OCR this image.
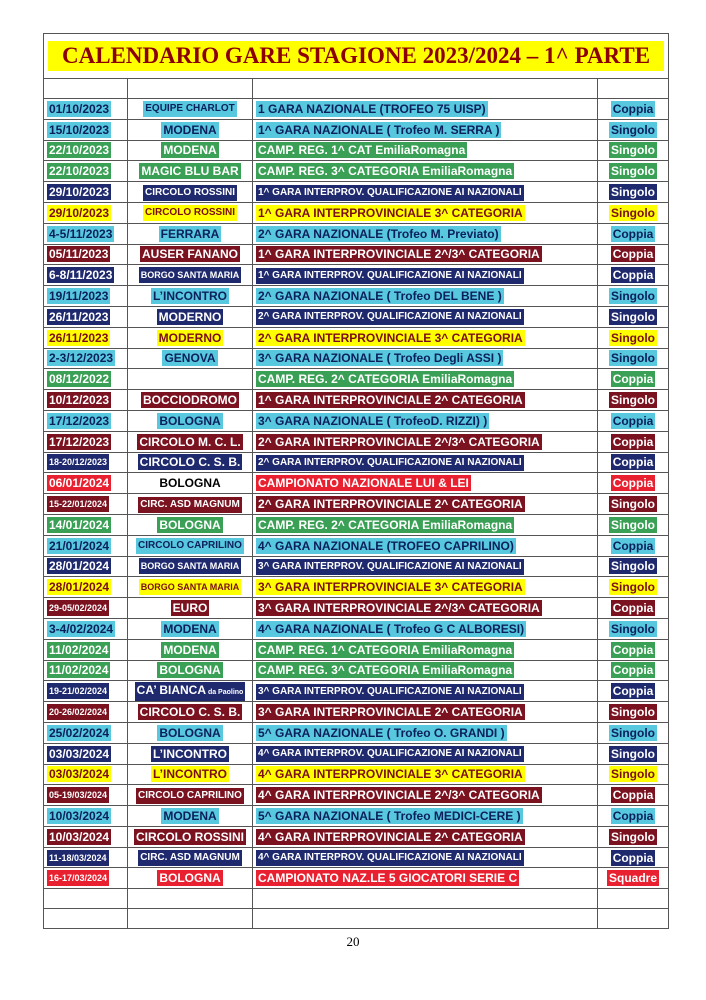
CALENDARIO GARE STAGIONE 2023/2024 – 1^ PARTE			

01/10/2023	EQUIPE CHARLOT	1 GARA NAZIONALE (TROFEO 75 UISP)	Coppia
15/10/2023	MODENA	1^ GARA NAZIONALE ( Trofeo M. SERRA )	Singolo
22/10/2023	MODENA	CAMP. REG. 1^ CAT EmiliaRomagna	Singolo
22/10/2023	MAGIC BLU BAR	CAMP. REG. 3^ CATEGORIA EmiliaRomagna	Singolo
29/10/2023	CIRCOLO ROSSINI	1^ GARA INTERPROV. QUALIFICAZIONE AI NAZIONALI	Singolo
29/10/2023	CIRCOLO ROSSINI	1^ GARA INTERPROVINCIALE 3^ CATEGORIA	Singolo
4-5/11/2023	FERRARA	2^ GARA NAZIONALE (Trofeo M. Previato)	Coppia
05/11/2023	AUSER FANANO	1^ GARA INTERPROVINCIALE 2^/3^ CATEGORIA	Coppia
6-8/11/2023	BORGO SANTA MARIA	1^ GARA INTERPROV. QUALIFICAZIONE AI NAZIONALI	Coppia
19/11/2023	L’INCONTRO	2^ GARA NAZIONALE ( Trofeo DEL BENE )	Singolo
26/11/2023	MODERNO	2^ GARA INTERPROV. QUALIFICAZIONE AI NAZIONALI	Singolo
26/11/2023	MODERNO	2^ GARA INTERPROVINCIALE 3^ CATEGORIA	Singolo
2-3/12/2023	GENOVA	3^ GARA NAZIONALE ( Trofeo Degli ASSI )	Singolo
08/12/2022		CAMP. REG. 2^ CATEGORIA EmiliaRomagna	Coppia
10/12/2023	BOCCIODROMO	1^ GARA INTERPROVINCIALE 2^ CATEGORIA	Singolo
17/12/2023	BOLOGNA	3^ GARA NAZIONALE ( TrofeoD. RIZZI) )	Coppia
17/12/2023	CIRCOLO M. C. L.	2^ GARA INTERPROVINCIALE 2^/3^ CATEGORIA	Coppia
18-20/12/2023	CIRCOLO C. S. B.	2^ GARA INTERPROV. QUALIFICAZIONE AI NAZIONALI	Coppia
06/01/2024	BOLOGNA	CAMPIONATO NAZIONALE LUI & LEI	Coppia
15-22/01/2024	CIRC. ASD MAGNUM	2^ GARA INTERPROVINCIALE 2^ CATEGORIA	Singolo
14/01/2024	BOLOGNA	CAMP. REG. 2^ CATEGORIA EmiliaRomagna	Singolo
21/01/2024	CIRCOLO CAPRILINO	4^ GARA NAZIONALE (TROFEO CAPRILINO)	Coppia
28/01/2024	BORGO SANTA MARIA	3^ GARA INTERPROV. QUALIFICAZIONE AI NAZIONALI	Singolo
28/01/2024	BORGO SANTA MARIA	3^ GARA INTERPROVINCIALE 3^ CATEGORIA	Singolo
29-05/02/2024	EURO	3^ GARA INTERPROVINCIALE 2^/3^ CATEGORIA	Coppia
3-4/02/2024	MODENA	4^ GARA NAZIONALE ( Trofeo G C ALBORESI)	Singolo
11/02/2024	MODENA	CAMP. REG. 1^ CATEGORIA EmiliaRomagna	Coppia
11/02/2024	BOLOGNA	CAMP. REG. 3^ CATEGORIA EmiliaRomagna	Coppia
19-21/02/2024	CA’ BIANCA da Paolino	3^ GARA INTERPROV. QUALIFICAZIONE AI NAZIONALI	Coppia
20-26/02/2024	CIRCOLO C. S. B.	3^ GARA INTERPROVINCIALE 2^ CATEGORIA	Singolo
25/02/2024	BOLOGNA	5^ GARA NAZIONALE ( Trofeo O. GRANDI )	Singolo
03/03/2024	L’INCONTRO	4^ GARA INTERPROV. QUALIFICAZIONE AI NAZIONALI	Singolo
03/03/2024	L’INCONTRO	4^ GARA INTERPROVINCIALE 3^ CATEGORIA	Singolo
05-19/03/2024	CIRCOLO CAPRILINO	4^ GARA INTERPROVINCIALE 2^/3^ CATEGORIA	Coppia
10/03/2024	MODENA	5^ GARA NAZIONALE ( Trofeo MEDICI-CERE )	Coppia
10/03/2024	CIRCOLO ROSSINI	4^ GARA INTERPROVINCIALE 2^ CATEGORIA	Singolo
11-18/03/2024	CIRC. ASD MAGNUM	4^ GARA INTERPROV. QUALIFICAZIONE AI NAZIONALI	Coppia
16-17/03/2024	BOLOGNA	CAMPIONATO NAZ.LE 5 GIOCATORI SERIE C	Squadre

20
